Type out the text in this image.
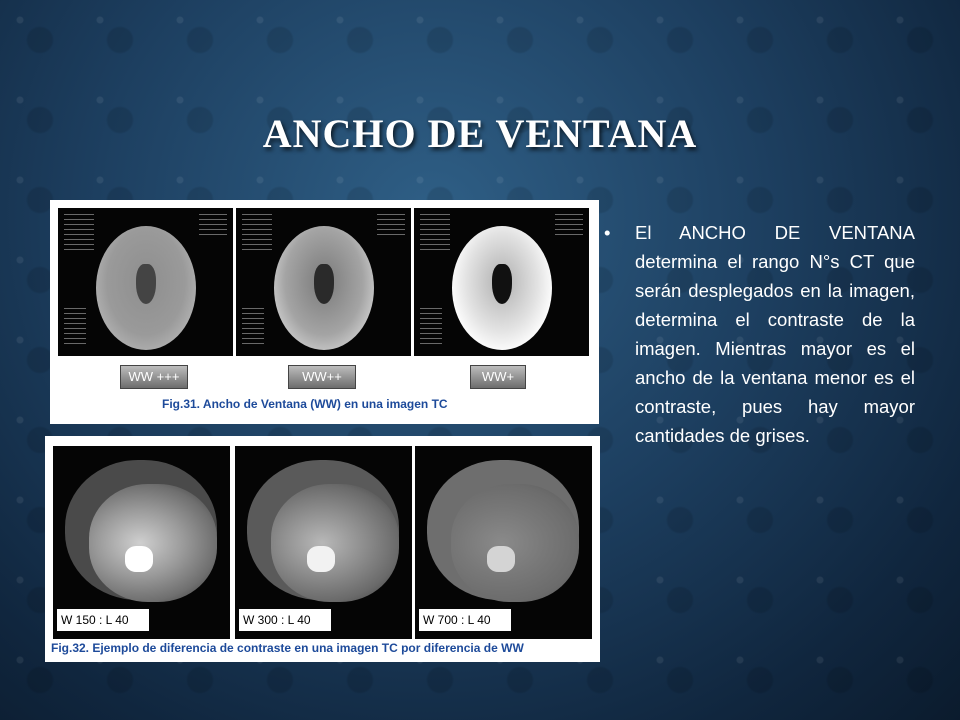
ANCHO DE VENTANA
• El ANCHO DE VENTANA determina el rango N°s CT que serán desplegados en la imagen, determina el contraste de la imagen. Mientras mayor es el ancho de la ventana menor es el contraste, pues hay mayor cantidades de grises.
WW +++	WW++	WW+
Fig.31. Ancho de Ventana (WW) en una imagen TC
W 150 : L 40	W 300 : L 40	W 700 : L 40
Fig.32. Ejemplo de diferencia de contraste en una imagen TC por diferencia de WW
